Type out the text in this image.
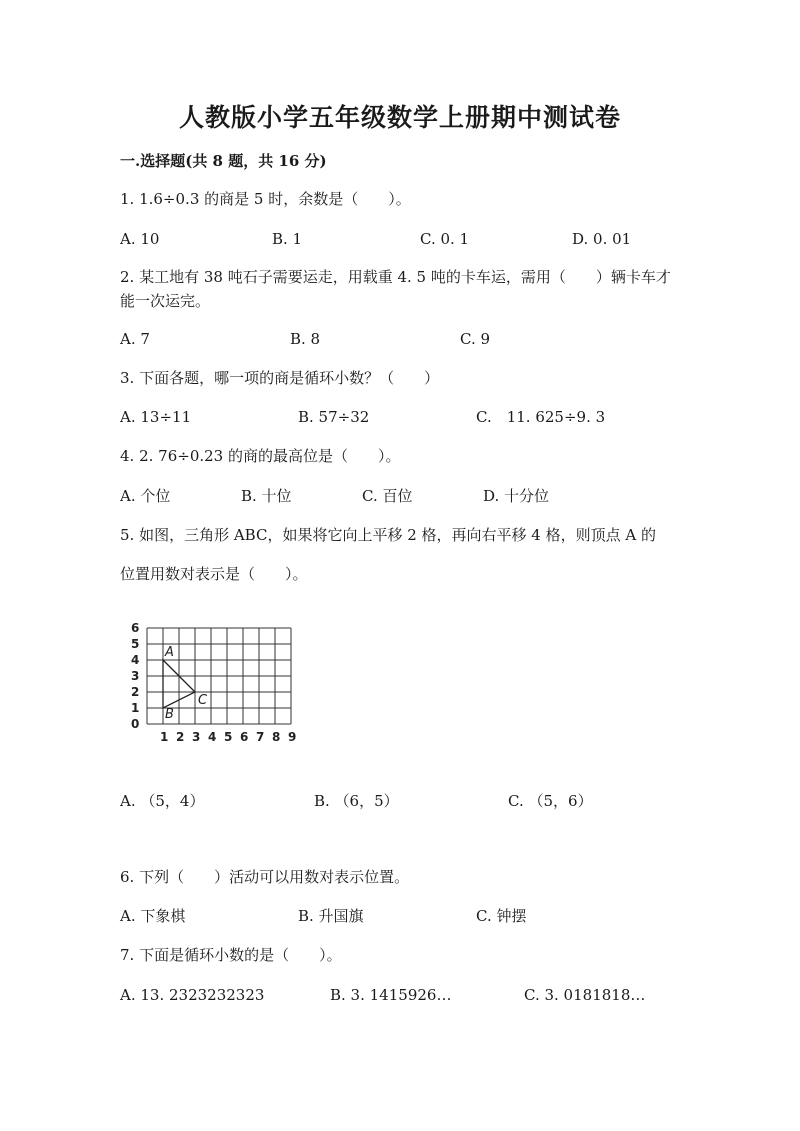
人教版小学五年级数学上册期中测试卷
一.选择题(共 8 题，共 16 分)
1. 1.6÷0.3 的商是 5 时，余数是（　　）。
A. 10	B. 1	C. 0. 1	D. 0. 01
2. 某工地有 38 吨石子需要运走，用载重 4. 5 吨的卡车运，需用（　　）辆卡车才能一次运完。
A. 7	B. 8	C. 9
3. 下面各题，哪一项的商是循环小数？（　　）
A. 13÷11	B. 57÷32	C.　11. 625÷9. 3
4. 2. 76÷0.23 的商的最高位是（　　）。
A. 个位	B. 十位	C. 百位	D. 十分位
5. 如图，三角形 ABC，如果将它向上平移 2 格，再向右平移 4 格，则顶点 A 的
位置用数对表示是（　　）。
1 2 3 4 5 6 7 8 9
0
1
2
3
4
5
6
A
B
C
A. （5，4）	B. （6，5）	C. （5，6）
6. 下列（　　）活动可以用数对表示位置。
A. 下象棋	B. 升国旗	C. 钟摆
7. 下面是循环小数的是（　　）。
A. 13. 2323232323	B. 3. 1415926…	C. 3. 0181818…
